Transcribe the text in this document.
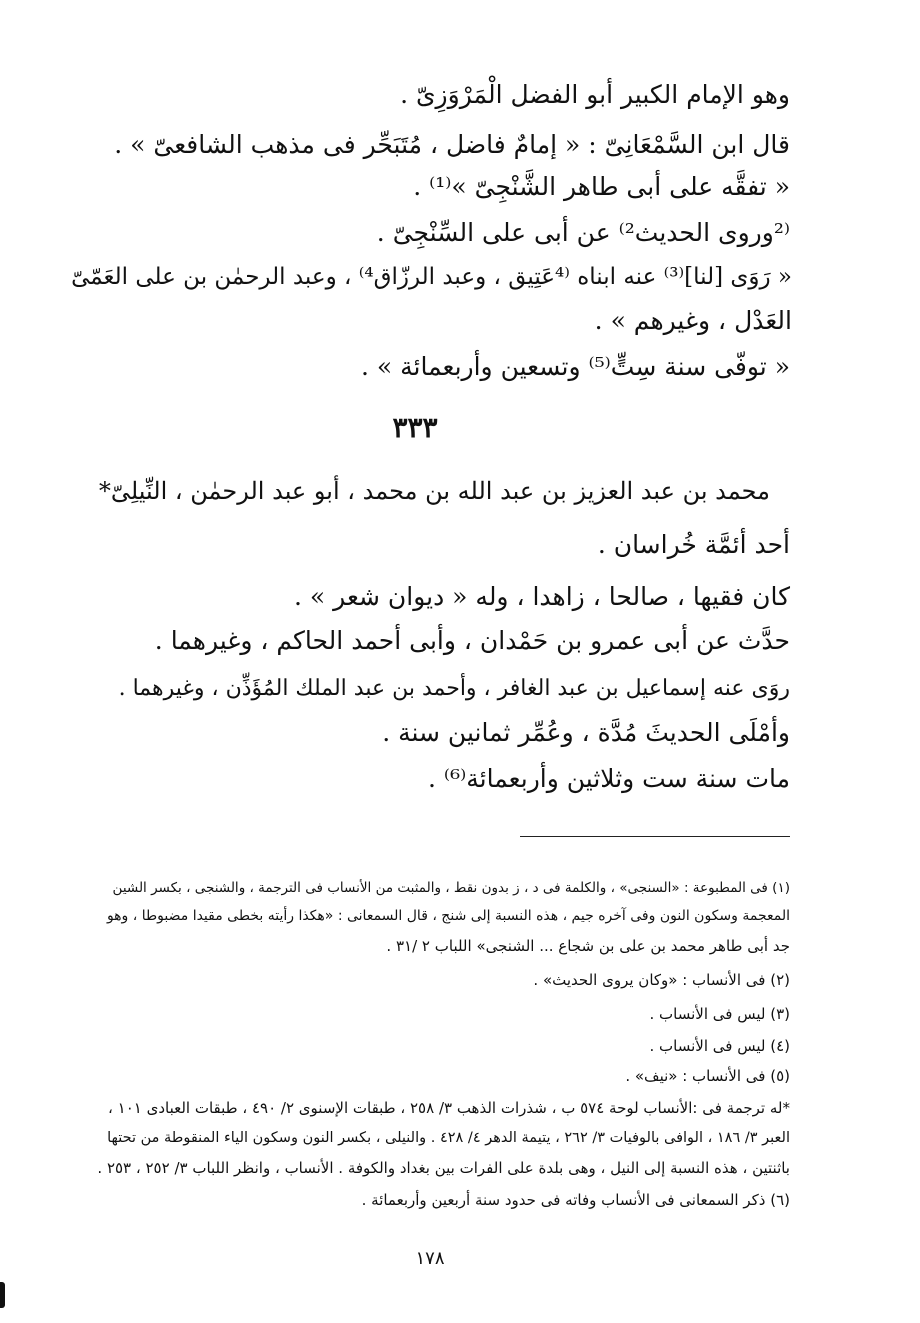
وهو الإمام الكبير أبو الفضل الْمَرْوَزِىّ .
قال ابن السَّمْعَانِىّ : « إمامٌ فاضل ، مُتَبَحِّر فى مذهب الشافعىّ » .
« تفقَّه على أبى طاهر الشَّنْجِىّ »⁽¹⁾ .
⁽²وروى الحديث²⁾ عن أبى على السِّنْجِىّ .
« رَوَى [لنا]⁽³⁾ عنه ابناه ⁽⁴عَتِيق ، وعبد الرزّاق⁴⁾ ، وعبد الرحمٰن بن على العَمّىّ
العَدْل ، وغيرهم » .
« توفّى سنة سِتٍّ⁽⁵⁾ وتسعين وأربعمائة » .
٣٣٣
محمد بن عبد العزيز بن عبد الله بن محمد ، أبو عبد الرحمٰن ، النِّيلِىّ*
أحد أئمَّة خُراسان .
كان فقيها ، صالحا ، زاهدا ، وله « ديوان شعر » .
حدَّث عن أبى عمرو بن حَمْدان ، وأبى أحمد الحاكم ، وغيرهما .
روَى عنه إسماعيل بن عبد الغافر ، وأحمد بن عبد الملك المُؤَذِّن ، وغيرهما .
وأمْلَى الحديثَ مُدَّة ، وعُمِّر ثمانين سنة .
مات سنة ست وثلاثين وأربعمائة⁽⁶⁾ .
(١) فى المطبوعة : «السنجى» ، والكلمة فى د ، ز بدون نقط ، والمثبت من الأنساب فى الترجمة ، والشنجى ، بكسر الشين
المعجمة وسكون النون وفى آخره جيم ، هذه النسبة إلى شنج ، قال السمعانى : «هكذا رأيته بخطى مقيدا مضبوطا ، وهو
جد أبى طاهر محمد بن على بن شجاع ... الشنجى» اللباب ٢ /٣١ .
(٢) فى الأنساب : «وكان يروى الحديث» .
(٣) ليس فى الأنساب .
(٤) ليس فى الأنساب .
(٥) فى الأنساب : «نيف» .
*له ترجمة فى :الأنساب لوحة ٥٧٤ ب ، شذرات الذهب ٣/ ٢٥٨ ، طبقات الإسنوى ٢/ ٤٩٠ ، طبقات العبادى ١٠١ ،
العبر ٣/ ١٨٦ ، الوافى بالوفيات ٣/ ٢٦٢ ، يتيمة الدهر ٤/ ٤٢٨ . والنيلى ، بكسر النون وسكون الياء المنقوطة من تحتها
باثنتين ، هذه النسبة إلى النيل ، وهى بلدة على الفرات بين بغداد والكوفة . الأنساب ، وانظر اللباب ٣/ ٢٥٢ ، ٢٥٣ .
(٦) ذكر السمعانى فى الأنساب وفاته فى حدود سنة أربعين وأربعمائة .
١٧٨
